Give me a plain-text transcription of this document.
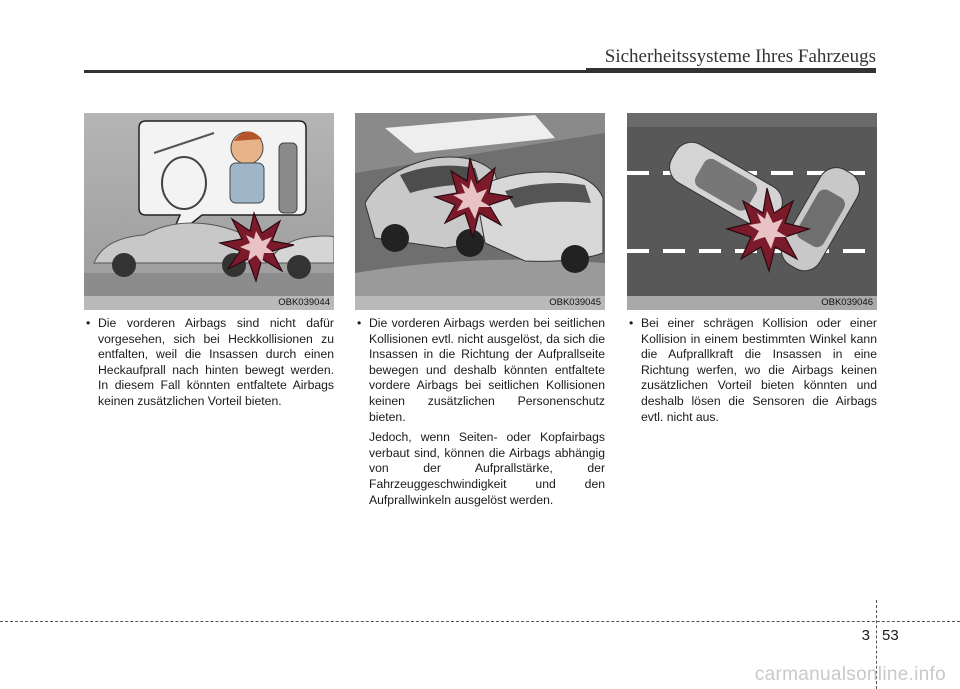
Sicherheitssysteme Ihres Fahrzeugs
OBK039044

• Die vorderen Airbags sind nicht dafür vorgesehen, sich bei Heckkollisionen zu entfalten, weil die Insassen durch einen Heckaufprall nach hinten bewegt werden. In diesem Fall könnten entfaltete Airbags keinen zusätzlichen Vorteil bieten.

OBK039045

• Die vorderen Airbags werden bei seitlichen Kollisionen evtl. nicht ausgelöst, da sich die Insassen in die Richtung der Aufprallseite bewegen und deshalb könnten entfaltete vordere Airbags bei seitlichen Kollisionen keinen zusätzlichen Personenschutz bieten.

Jedoch, wenn Seiten- oder Kopfairbags verbaut sind, können die Airbags abhängig von der Aufprallstärke, der Fahrzeuggeschwindigkeit und den Aufprallwinkeln ausgelöst werden.

OBK039046

• Bei einer schrägen Kollision oder einer Kollision in einem bestimmten Winkel kann die Aufprallkraft die Insassen in eine Richtung werfen, wo die Airbags keinen zusätzlichen Vorteil bieten könnten und deshalb lösen die Sensoren die Airbags evtl. nicht aus.

3 53
carmanualsonline.info
